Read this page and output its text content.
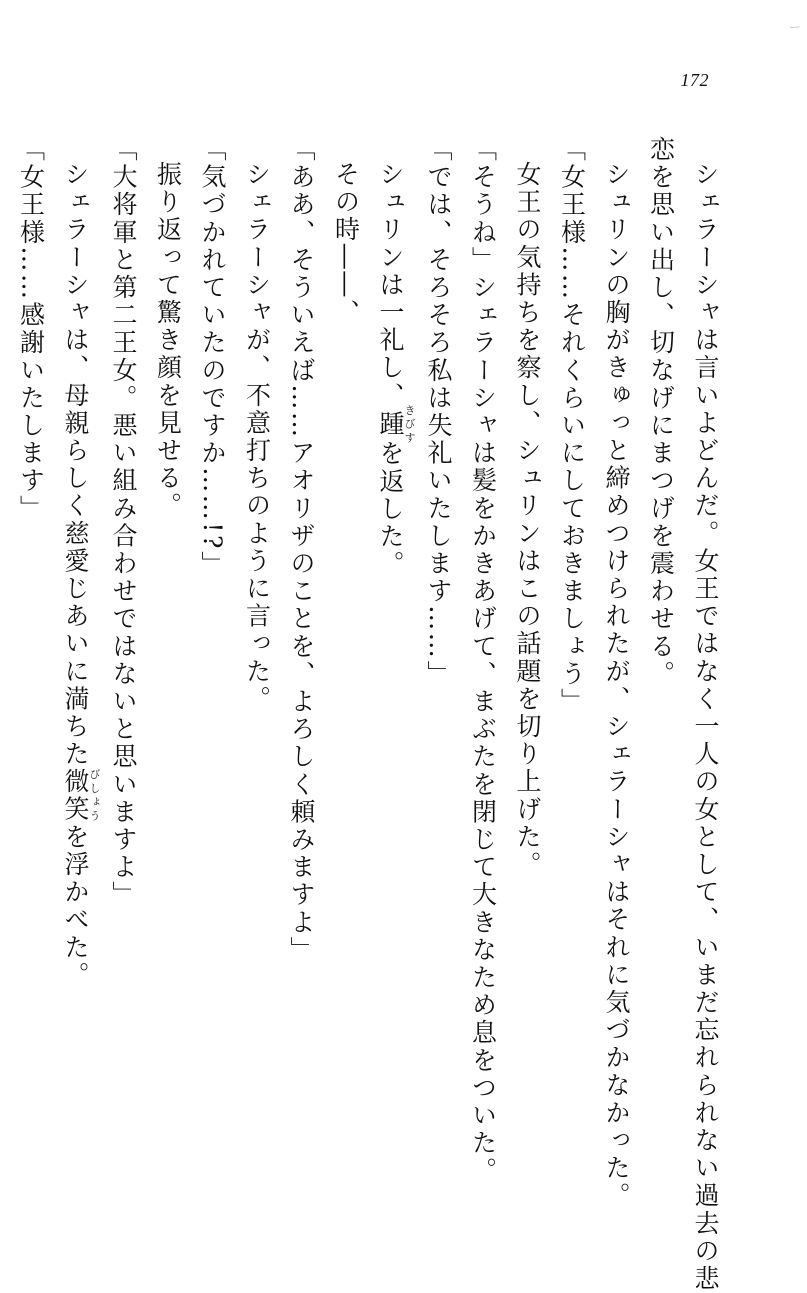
ー
172
シェラーシャは言いよどんだ。女王ではなく一人の女として、いまだ忘れられない過去の悲
恋を思い出し、切なげにまつげを震わせる。
シュリンの胸がきゅっと締めつけられたが、シェラーシャはそれに気づかなかった。
「女王様……それくらいにしておきましょう」
女王の気持ちを察し、シュリンはこの話題を切り上げた。
「そうね」シェラーシャは髪をかきあげて、まぶたを閉じて大きなため息をついた。
「では、そろそろ私は失礼いたします……」
シュリンは一礼し、踵きびすを返した。
その時――、
「ああ、そういえば……アオリザのことを、よろしく頼みますよ」
シェラーシャが、不意打ちのように言った。
「気づかれていたのですか……!?」
振り返って驚き顔を見せる。
「大将軍と第二王女。悪い組み合わせではないと思いますよ」
シェラーシャは、母親らしく慈愛じあいに満ちた微笑びしょうを浮かべた。
「女王様……感謝いたします」
